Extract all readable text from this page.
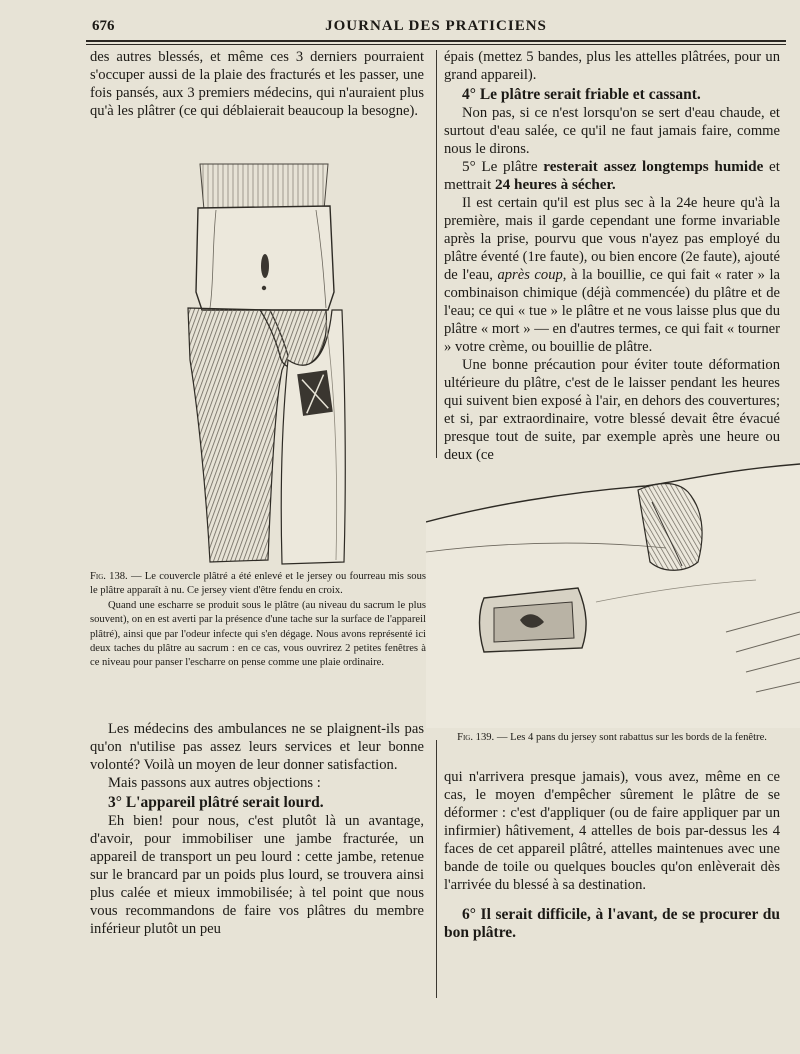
676	JOURNAL DES PRATICIENS

des autres blessés, et même ces 3 derniers pourraient s'occuper aussi de la plaie des fracturés et les passer, une fois pansés, aux 3 premiers médecins, qui n'auraient plus qu'à les plâtrer (ce qui déblaierait beaucoup la besogne).

épais (mettez 5 bandes, plus les attelles plâtrées, pour un grand appareil).

4° Le plâtre serait friable et cassant.

Non pas, si ce n'est lorsqu'on se sert d'eau chaude, et surtout d'eau salée, ce qu'il ne faut jamais faire, comme nous le dirons.

5° Le plâtre resterait assez longtemps humide et mettrait 24 heures à sécher.

Il est certain qu'il est plus sec à la 24e heure qu'à la première, mais il garde cependant une forme invariable après la prise, pourvu que vous n'ayez pas employé du plâtre éventé (1re faute), ou bien encore (2e faute), ajouté de l'eau, après coup, à la bouillie, ce qui fait « rater » la combinaison chimique (déjà commencée) du plâtre et de l'eau; ce qui « tue » le plâtre et ne vous laisse plus que du plâtre « mort » — en d'autres termes, ce qui fait « tourner » votre crème, ou bouillie de plâtre.

Une bonne précaution pour éviter toute déformation ultérieure du plâtre, c'est de le laisser pendant les heures qui suivent bien exposé à l'air, en dehors des couvertures; et si, par extraordinaire, votre blessé devait être évacué presque tout de suite, par exemple après une heure ou deux (ce

Fig. 138. — Le couvercle plâtré a été enlevé et le jersey ou fourreau mis sous le plâtre apparaît à nu. Ce jersey vient d'être fendu en croix.

Quand une escharre se produit sous le plâtre (au niveau du sacrum le plus souvent), on en est averti par la présence d'une tache sur la surface de l'appareil plâtré), ainsi que par l'odeur infecte qui s'en dégage. Nous avons représenté ici deux taches du plâtre au sacrum : en ce cas, vous ouvrirez 2 petites fenêtres à ce niveau pour panser l'escharre on pense comme une plaie ordinaire.

Fig. 139. — Les 4 pans du jersey sont rabattus sur les bords de la fenêtre.

Les médecins des ambulances ne se plaignent-ils pas qu'on n'utilise pas assez leurs services et leur bonne volonté? Voilà un moyen de leur donner satisfaction.

Mais passons aux autres objections :

3° L'appareil plâtré serait lourd.

Eh bien! pour nous, c'est plutôt là un avantage, d'avoir, pour immobiliser une jambe fracturée, un appareil de transport un peu lourd : cette jambe, retenue sur le brancard par un poids plus lourd, se trouvera ainsi plus calée et mieux immobilisée; à tel point que nous vous recommandons de faire vos plâtres du membre inférieur plutôt un peu

qui n'arrivera presque jamais), vous avez, même en ce cas, le moyen d'empêcher sûrement le plâtre de se déformer : c'est d'appliquer (ou de faire appliquer par un infirmier) hâtivement, 4 attelles de bois par-dessus les 4 faces de cet appareil plâtré, attelles maintenues avec une bande de toile ou quelques boucles qu'on enlèverait dès l'arrivée du blessé à sa destination.

6° Il serait difficile, à l'avant, de se procurer du bon plâtre.
